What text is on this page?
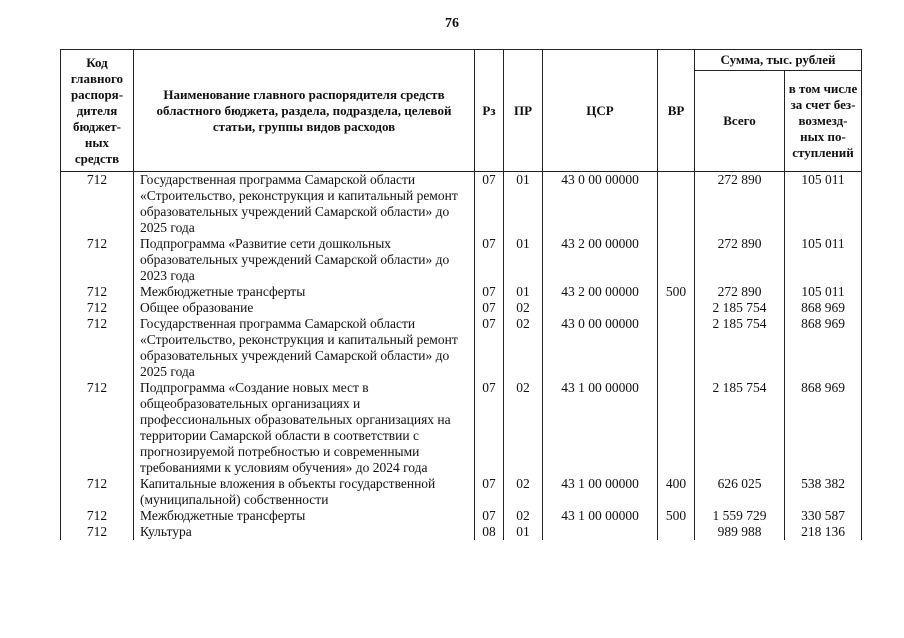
76
Код главного распоря-дителя бюджет-ных средств	Наименование главного распорядителя средств областного бюджета, раздела, подраздела, целевой статьи, группы видов расходов	Рз	ПР	ЦСР	ВР	Сумма, тыс. рублей	
						Всего	в том числе за счет без-возмезд-ных по-ступлений
712	Государственная программа Самарской области «Строительство, реконструкция и капитальный ремонт образовательных учреждений Самарской области» до 2025 года	07	01	43 0 00 00000		272 890	105 011
712	Подпрограмма «Развитие сети дошкольных образовательных учреждений Самарской области» до 2023 года	07	01	43 2 00 00000		272 890	105 011
712	Межбюджетные трансферты	07	01	43 2 00 00000	500	272 890	105 011
712	Общее образование	07	02			2 185 754	868 969
712	Государственная программа Самарской области «Строительство, реконструкция и капитальный ремонт образовательных учреждений Самарской области» до 2025 года	07	02	43 0 00 00000		2 185 754	868 969
712	Подпрограмма «Создание новых мест в общеобразовательных организациях и профессиональных образовательных организациях на территории Самарской области в соответствии с прогнозируемой потребностью и современными требованиями к условиям обучения» до 2024 года	07	02	43 1 00 00000		2 185 754	868 969
712	Капитальные вложения в объекты государственной (муниципальной) собственности	07	02	43 1 00 00000	400	626 025	538 382
712	Межбюджетные трансферты	07	02	43 1 00 00000	500	1 559 729	330 587
712	Культура	08	01			989 988	218 136
